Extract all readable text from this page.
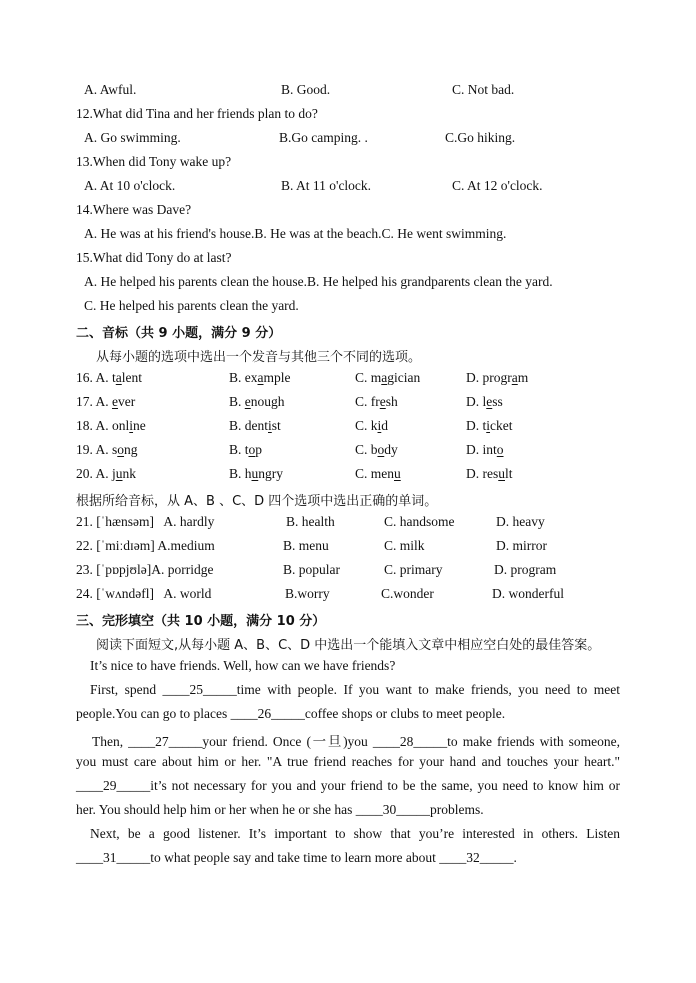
A. Awful.	B. Good.	C. Not bad.
12.What did Tina and her friends plan to do?
A. Go swimming.	B.Go camping. .	C.Go hiking.
13.When did Tony wake up?
A. At 10 o'clock.	B. At 11 o'clock.	C. At 12 o'clock.
14.Where was Dave?
A. He was at his friend's house.B. He was at the beach.C. He went swimming.
15.What did Tony do at last?
A. He helped his parents clean the house.B. He helped his grandparents clean the yard.
C. He helped his parents clean the yard.
二、音标（共 9 小题，满分 9 分）
从每小题的选项中选出一个发音与其他三个不同的选项。
16. A. talent	B. example	C. magician	D. program
17. A. ever	B. enough	C. fresh	D. less
18. A. online	B. dentist	C. kid	D. ticket
19. A. song	B. top	C. body	D. into
20. A. junk	B. hungry	C. menu	D. result
根据所给音标，从 A、B 、C、D 四个选项中选出正确的单词。
21. [ˈhænsəm]   A. hardly	B. health	C. handsome	D. heavy
22. [ˈmiːdɪəm] A.medium	B. menu	C. milk	D. mirror
23. [ˈpɒpjʊlə]A. porridge	B. popular	C. primary	D. program
24. [ˈwʌndəfl]   A. world	B.worry	C.wonder	D. wonderful
三、完形填空（共 10 小题，满分 10 分）
阅读下面短文,从每小题 A、B、C、D 中选出一个能填入文章中相应空白处的最佳答案。
It’s nice to have friends. Well, how can we have friends?
First, spend ____25_____time with people. If you want to make friends, you need to meet
people.You can go to places ____26_____coffee shops or clubs to meet people.
Then, ____27_____your friend. Once (一旦)you ____28_____to make friends with someone,
you must care about him or her. "A true friend reaches for your hand and touches your heart."
____29_____it’s not necessary for you and your friend to be the same, you need to know him or
her. You should help him or her when he or she has ____30_____problems.
Next, be a good listener. It’s important to show that you’re interested in others. Listen
____31_____to what people say and take time to learn more about ____32_____.
